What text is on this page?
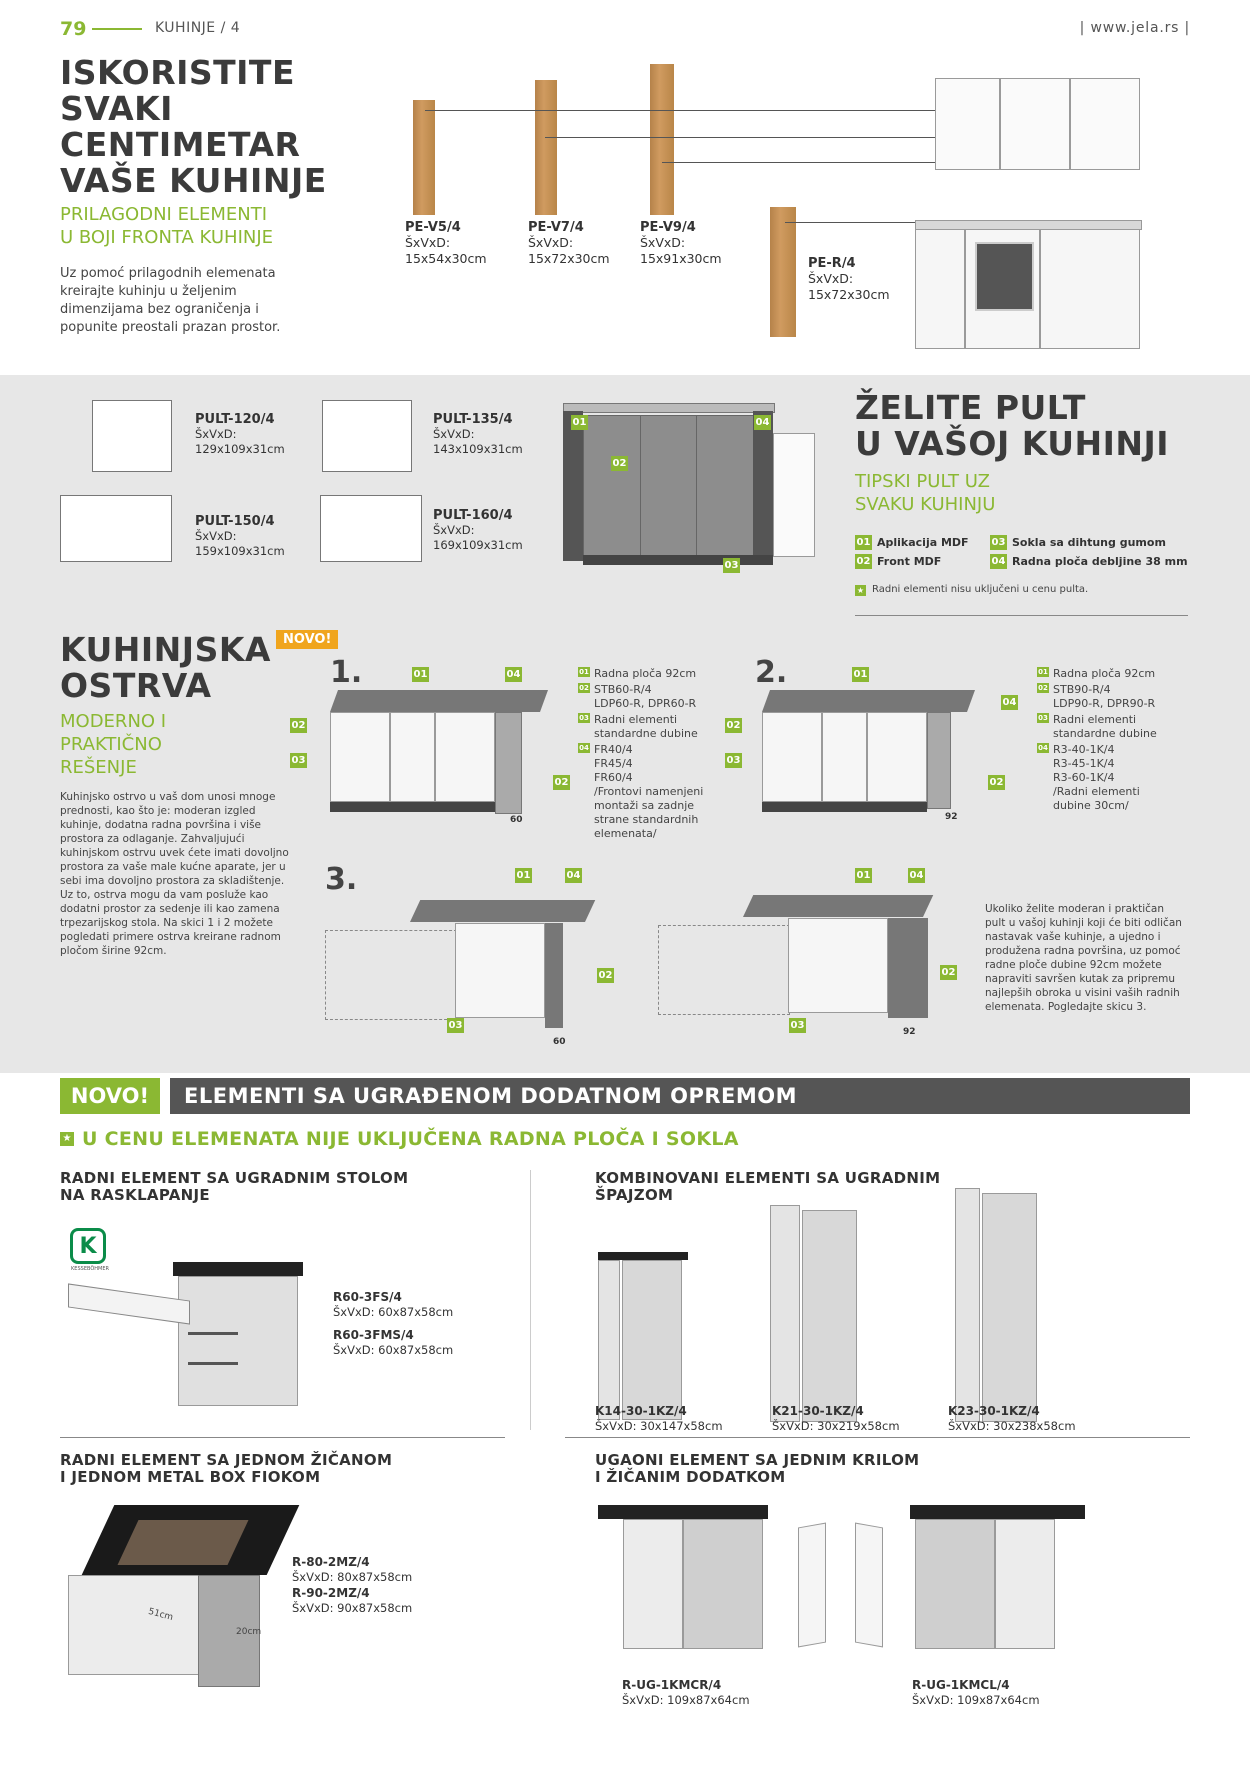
79	KUHINJE / 4	| www.jela.rs |
ISKORISTITE
SVAKI
CENTIMETAR
VAŠE KUHINJE
PRILAGODNI ELEMENTI
U BOJI FRONTA KUHINJE
Uz pomoć prilagodnih elemenata
kreirajte kuhinju u željenim
dimenzijama bez ograničenja i
popunite preostali prazan prostor.
PE-V5/4
ŠxVxD:
15x54x30cm
PE-V7/4
ŠxVxD:
15x72x30cm
PE-V9/4
ŠxVxD:
15x91x30cm	PE-R/4
ŠxVxD:
15x72x30cm
PULT-120/4
ŠxVxD:
129x109x31cm
PULT-135/4
ŠxVxD:
143x109x31cm
PULT-150/4
ŠxVxD:
159x109x31cm
PULT-160/4
ŠxVxD:
169x109x31cm
01	04
02
03
ŽELITE PULT
U VAŠOJ KUHINJI
TIPSKI PULT UZ
SVAKU KUHINJU
01 Aplikacija MDF 03 Sokla sa dihtung gumom
02 Front MDF	04 Radna ploča debljine 38 mm
★ Radni elementi nisu uključeni u cenu pulta.
KUHINJSKA
OSTRVA
NOVO!
MODERNO I
PRAKTIČNO
REŠENJE
Kuhinjsko ostrvo u vaš dom unosi mnoge
prednosti, kao što je: moderan izgled
kuhinje, dodatna radna površina i više
prostora za odlaganje. Zahvaljujući
kuhinjskom ostrvu uvek ćete imati dovoljno
prostora za vaše male kućne aparate, jer u
sebi ima dovoljno prostora za skladištenje.
Uz to, ostrva mogu da vam posluže kao
dodatni prostor za sedenje ili kao zamena
trpezarijskog stola. Na skici 1 i 2 možete
pogledati primere ostrva kreirane radnom
pločom širine 92cm.
1.	2.
3.
60
01	04
02
03
02
01 Radna ploča 92cm
02 STB60-R/4
LDP60-R, DPR60-R
03 Radni elementi
standardne dubine
04 FR40/4
FR45/4
FR60/4
/Frontovi namenjeni
montaži sa zadnje
strane standardnih
elemenata/
92
01
04
02
03
02
01 Radna ploča 92cm
02 STB90-R/4
LDP90-R, DPR90-R
03 Radni elementi
standardne dubine
04 R3-40-1K/4
R3-45-1K/4
R3-60-1K/4
/Radni elementi
dubine 30cm/
60
01	04
02
03
92
01	04
02
03
Ukoliko želite moderan i praktičan
pult u vašoj kuhinji koji će biti odličan
nastavak vaše kuhinje, a ujedno i
produžena radna površina, uz pomoć
radne ploče dubine 92cm možete
napraviti savršen kutak za pripremu
najlepših obroka u visini vaših radnih
elemenata. Pogledajte skicu 3.
NOVO!	ELEMENTI SA UGRAĐENOM DODATNOM OPREMOM
★ U CENU ELEMENATA NIJE UKLJUČENA RADNA PLOČA I SOKLA
RADNI ELEMENT SA UGRADNIM STOLOM
NA RASKLAPANJE
K
KESSEBÖHMER
R60-3FS/4
ŠxVxD: 60x87x58cm
R60-3FMS/4
ŠxVxD: 60x87x58cm
KOMBINOVANI ELEMENTI SA UGRADNIM
ŠPAJZOM
K14-30-1KZ/4
ŠxVxD: 30x147x58cm
K21-30-1KZ/4
ŠxVxD: 30x219x58cm
K23-30-1KZ/4
ŠxVxD: 30x238x58cm
RADNI ELEMENT SA JEDNOM ŽIČANOM
I JEDNOM METAL BOX FIOKOM
51cm
20cm
R-80-2MZ/4
ŠxVxD: 80x87x58cm
R-90-2MZ/4
ŠxVxD: 90x87x58cm
UGAONI ELEMENT SA JEDNIM KRILOM
I ŽIČANIM DODATKOM
R-UG-1KMCR/4
ŠxVxD: 109x87x64cm
R-UG-1KMCL/4
ŠxVxD: 109x87x64cm
